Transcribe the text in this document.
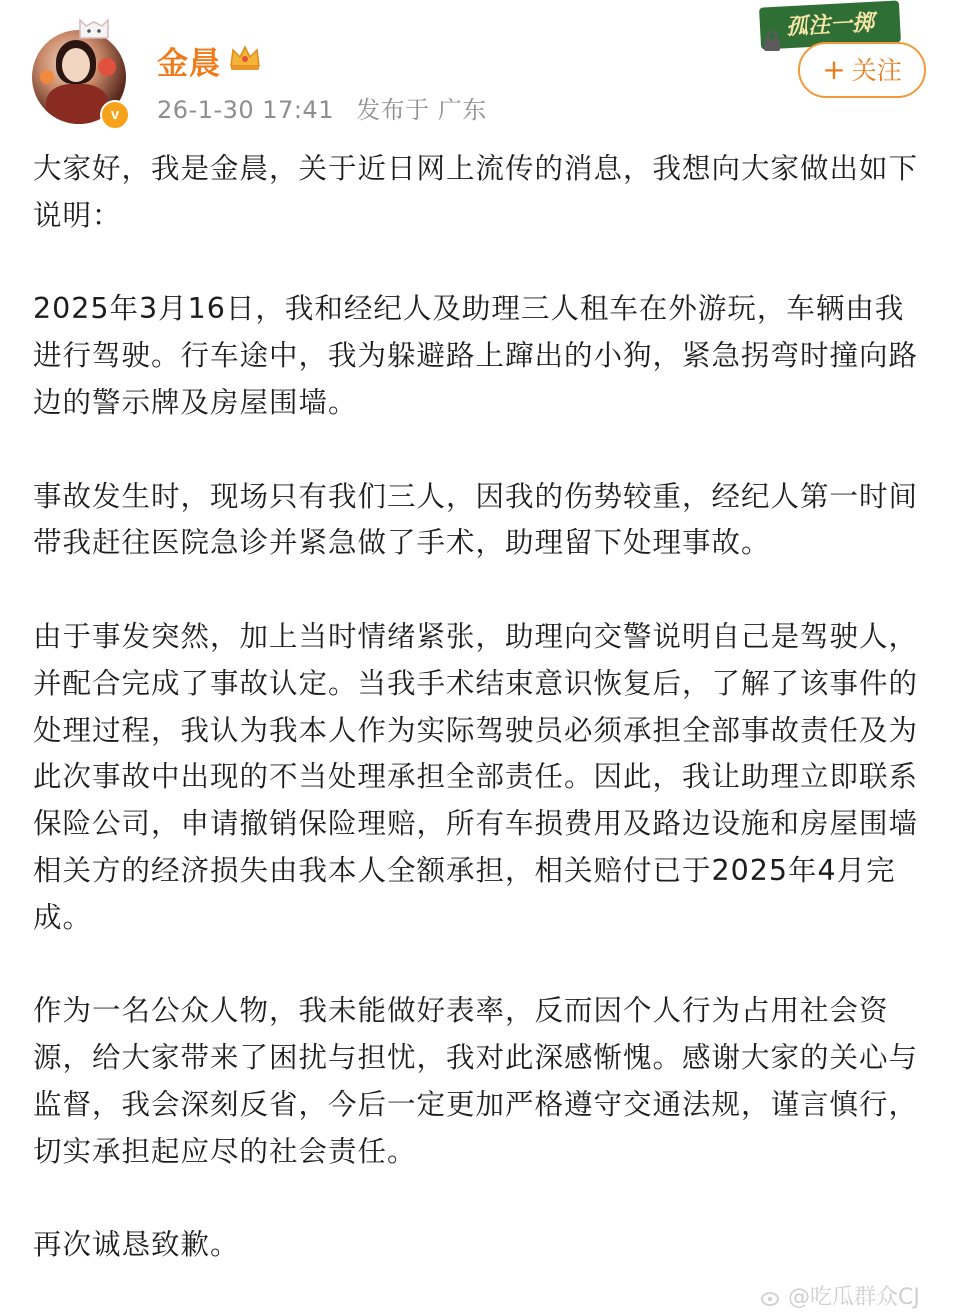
v
金晨
26-1-30 17:41 发布于 广东
孤注一掷
+ 关注

大家好，我是金晨，关于近日网上流传的消息，我想向大家做出如下说明：

2025年3月16日，我和经纪人及助理三人租车在外游玩，车辆由我进行驾驶。行车途中，我为躲避路上蹿出的小狗，紧急拐弯时撞向路边的警示牌及房屋围墙。

事故发生时，现场只有我们三人，因我的伤势较重，经纪人第一时间带我赶往医院急诊并紧急做了手术，助理留下处理事故。

由于事发突然，加上当时情绪紧张，助理向交警说明自己是驾驶人，并配合完成了事故认定。当我手术结束意识恢复后，了解了该事件的处理过程，我认为我本人作为实际驾驶员必须承担全部事故责任及为此次事故中出现的不当处理承担全部责任。因此，我让助理立即联系保险公司，申请撤销保险理赔，所有车损费用及路边设施和房屋围墙相关方的经济损失由我本人全额承担，相关赔付已于2025年4月完成。

作为一名公众人物，我未能做好表率，反而因个人行为占用社会资源，给大家带来了困扰与担忧，我对此深感惭愧。感谢大家的关心与监督，我会深刻反省，今后一定更加严格遵守交通法规，谨言慎行，切实承担起应尽的社会责任。

再次诚恳致歉。

@吃瓜群众CJ
